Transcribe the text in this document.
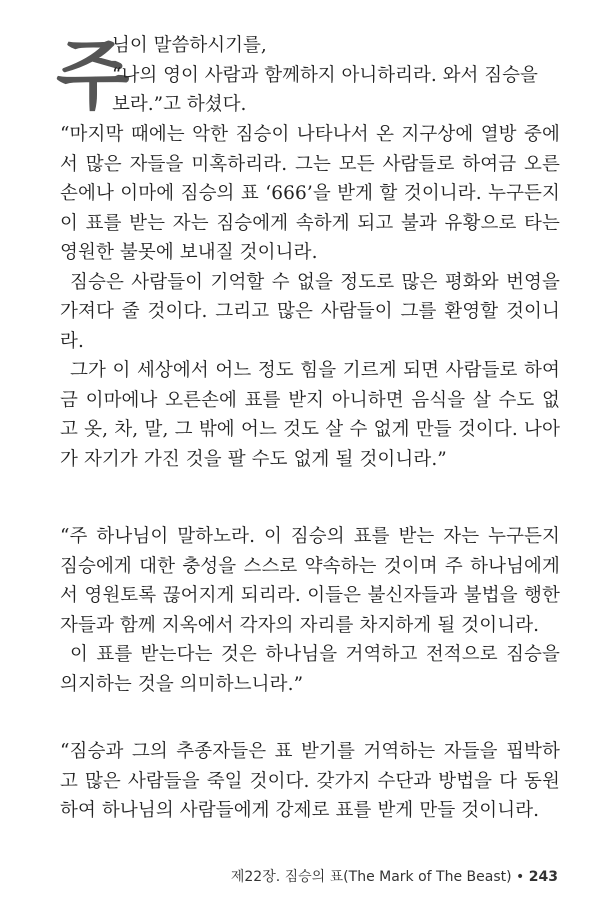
주

님이 말씀하시기를,

“나의 영이 사람과 함께하지 아니하리라. 와서 짐승을

보라.”고 하셨다.

“마지막 때에는 악한 짐승이 나타나서 온 지구상에 열방 중에서 많은 자들을 미혹하리라. 그는 모든 사람들로 하여금 오른손에나 이마에 짐승의 표 ‘666’을 받게 할 것이니라. 누구든지 이 표를 받는 자는 짐승에게 속하게 되고 불과 유황으로 타는 영원한 불못에 보내질 것이니라.

짐승은 사람들이 기억할 수 없을 정도로 많은 평화와 번영을 가져다 줄 것이다. 그리고 많은 사람들이 그를 환영할 것이니라.

그가 이 세상에서 어느 정도 힘을 기르게 되면 사람들로 하여금 이마에나 오른손에 표를 받지 아니하면 음식을 살 수도 없고 옷, 차, 말, 그 밖에 어느 것도 살 수 없게 만들 것이다. 나아가 자기가 가진 것을 팔 수도 없게 될 것이니라.”

“주 하나님이 말하노라. 이 짐승의 표를 받는 자는 누구든지 짐승에게 대한 충성을 스스로 약속하는 것이며 주 하나님에게서 영원토록 끊어지게 되리라. 이들은 불신자들과 불법을 행한 자들과 함께 지옥에서 각자의 자리를 차지하게 될 것이니라.

이 표를 받는다는 것은 하나님을 거역하고 전적으로 짐승을 의지하는 것을 의미하느니라.”

“짐승과 그의 추종자들은 표 받기를 거역하는 자들을 핍박하고 많은 사람들을 죽일 것이다. 갖가지 수단과 방법을 다 동원하여 하나님의 사람들에게 강제로 표를 받게 만들 것이니라.

제22장. 짐승의 표(The Mark of The Beast) • 243
